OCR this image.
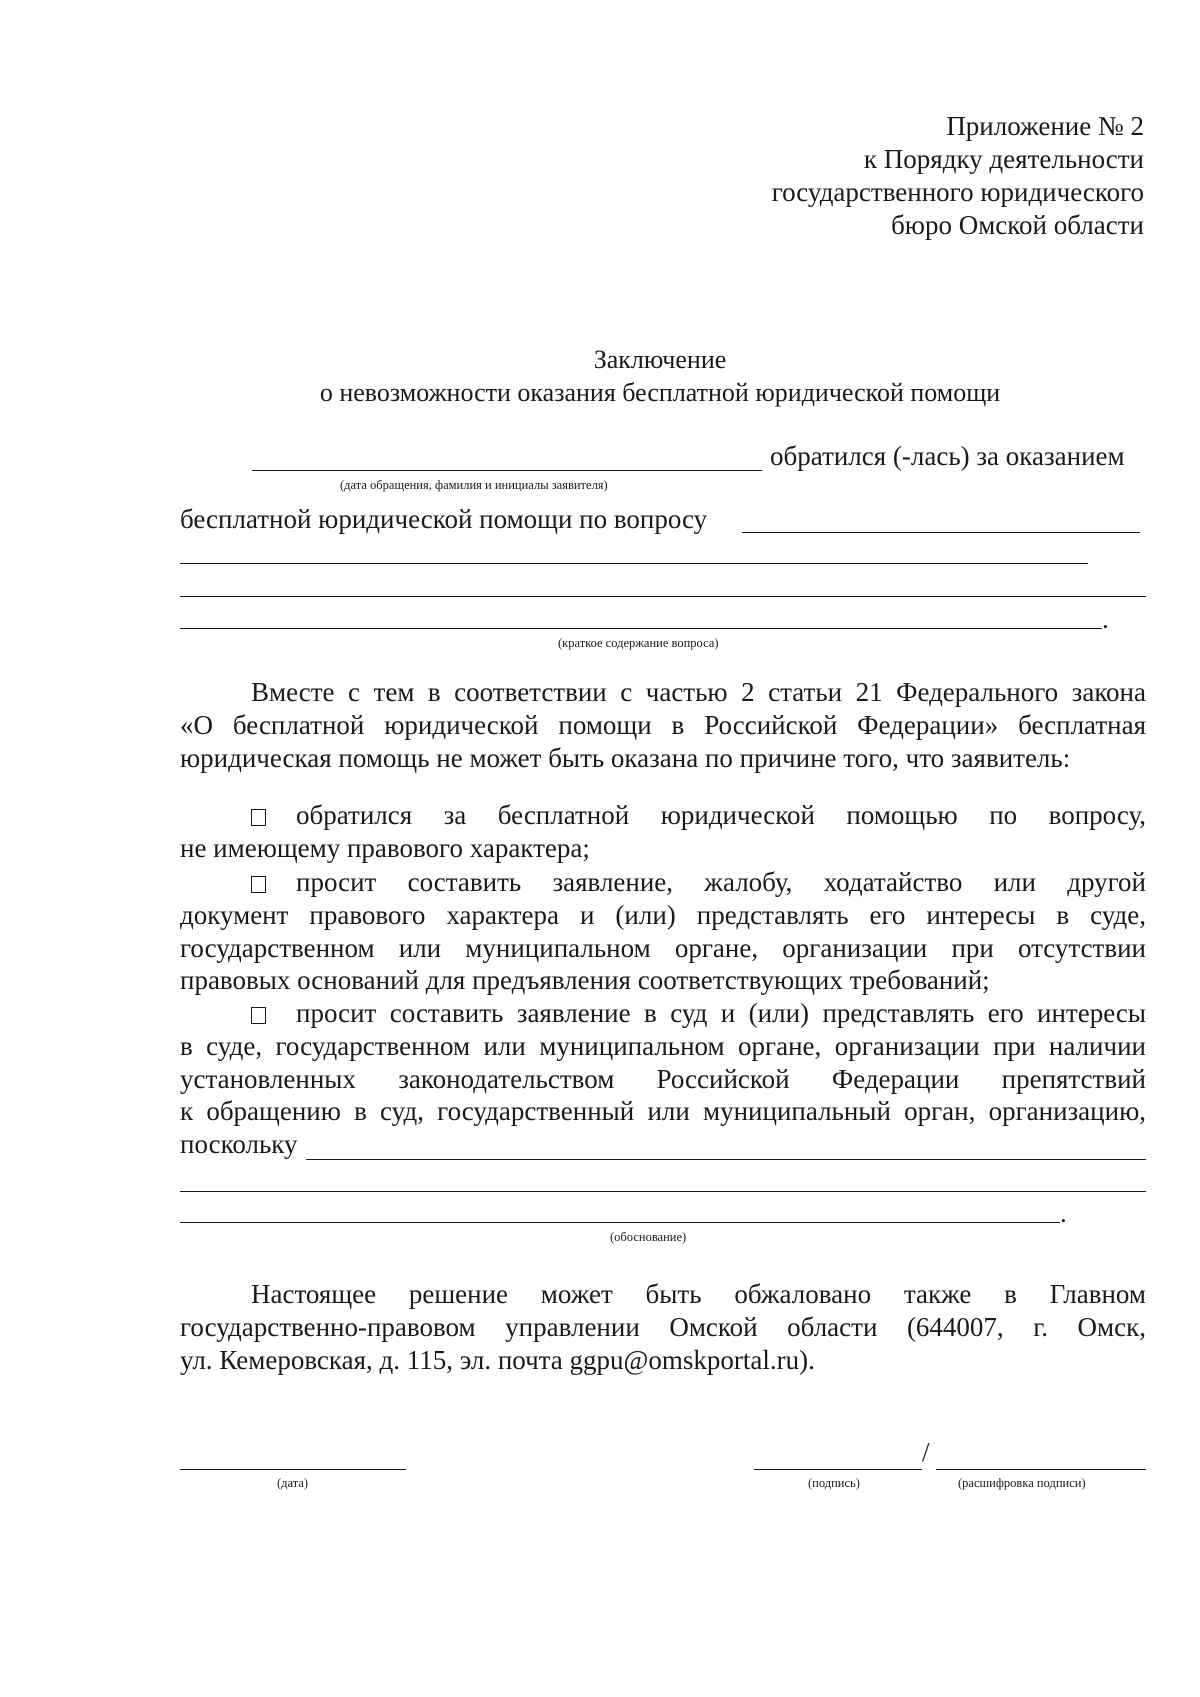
Приложение № 2
к Порядку деятельности
государственного юридического
бюро Омской области
Заключение
о невозможности оказания бесплатной юридической помощи
обратился (-лась) за оказанием
(дата обращения, фамилия и инициалы заявителя)
бесплатной юридической помощи по вопросу
.
(краткое содержание вопроса)
Вместе с тем в соответствии с частью 2 статьи 21 Федерального закона
«О бесплатной юридической помощи в Российской Федерации» бесплатная
юридическая помощь не может быть оказана по причине того, что заявитель:
обратился за бесплатной юридической помощью по вопросу,
не имеющему правового характера;
просит составить заявление, жалобу, ходатайство или другой
документ правового характера и (или) представлять его интересы в суде,
государственном или муниципальном органе, организации при отсутствии
правовых оснований для предъявления соответствующих требований;
просит составить заявление в суд и (или) представлять его интересы
в суде, государственном или муниципальном органе, организации при наличии
установленных законодательством Российской Федерации препятствий
к обращению в суд, государственный или муниципальный орган, организацию,
поскольку
.
(обоснование)
Настоящее решение может быть обжаловано также в Главном
государственно-правовом управлении Омской области (644007, г. Омск,
ул. Кемеровская, д. 115, эл. почта ggpu@omskportal.ru).
(дата)
/
(подпись)	(расшифровка подписи)
